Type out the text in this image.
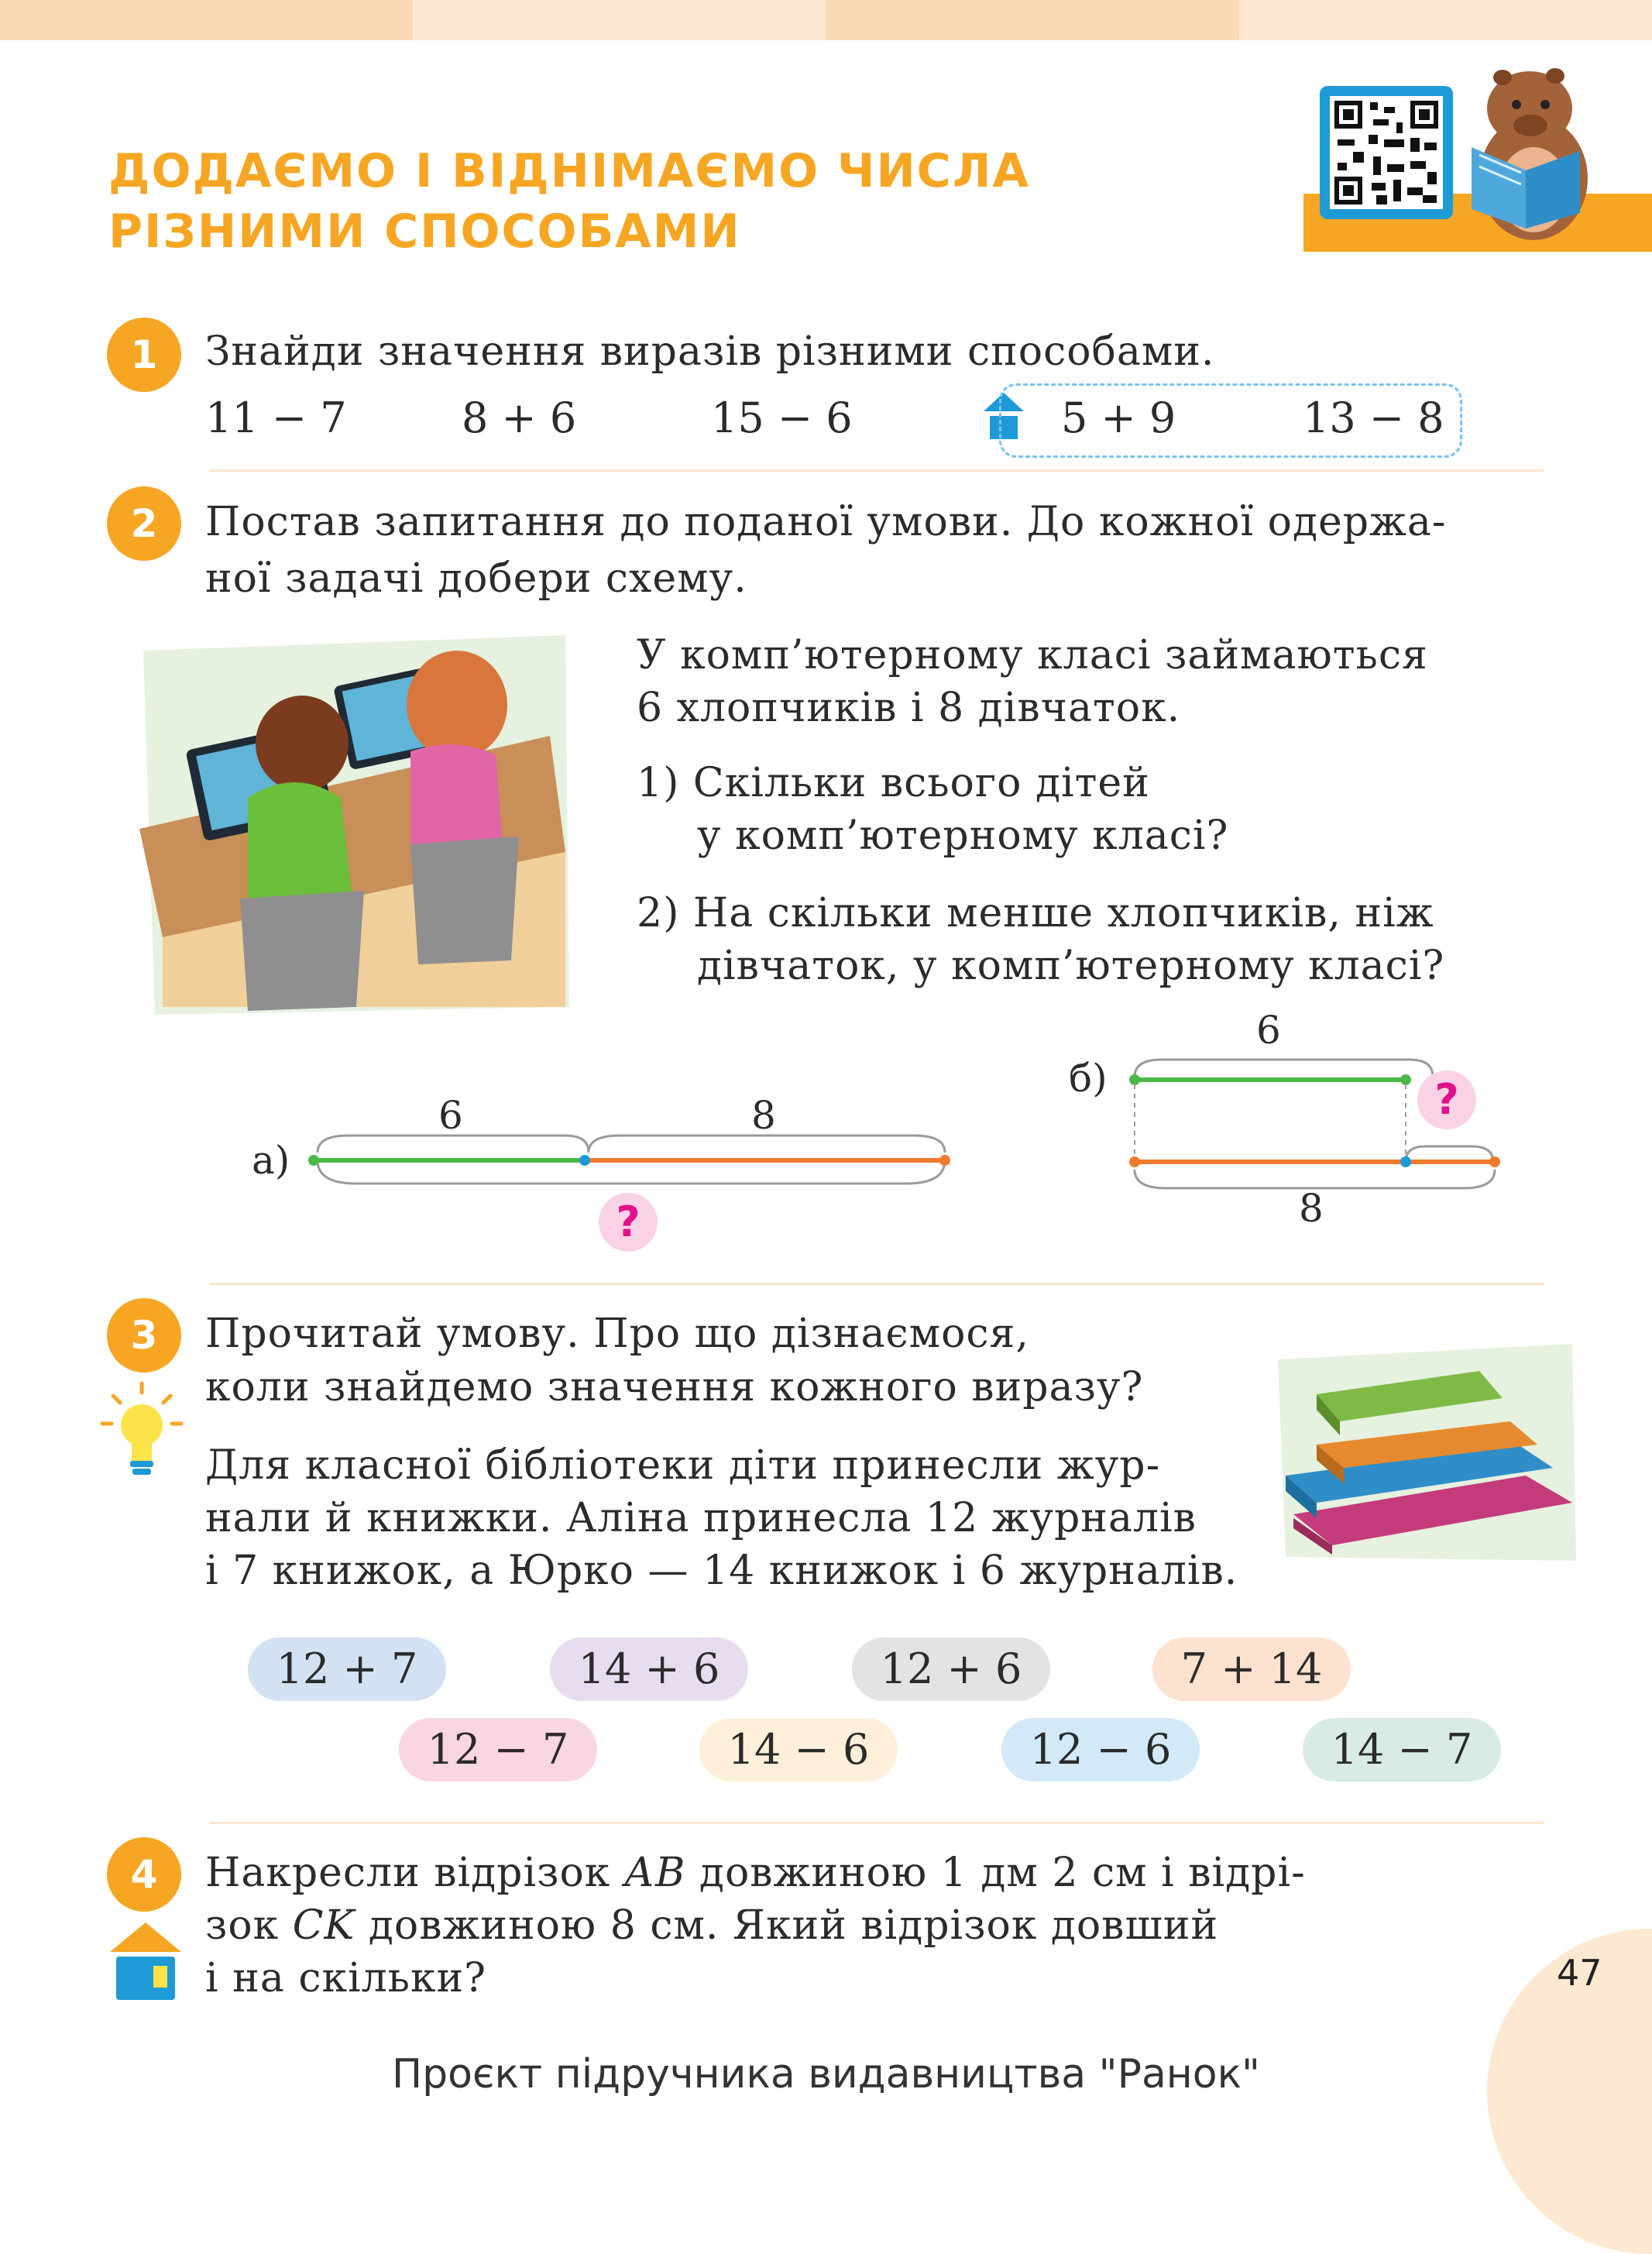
ДОДАЄМО І ВІДНІМАЄМО ЧИСЛА
РІЗНИМИ СПОСОБАМИ
1	Знайди значення виразів різними способами.
11 − 7	8 + 6	15 − 6	5 + 9	13 − 8
2	Постав запитання до поданої умови. До кожної одержа-
ної задачі добери схему.
У комп’ютерному класі займаються
6 хлопчиків і 8 дівчаток.
1) Скільки всього дітей
у комп’ютерному класі?
2) На скільки менше хлопчиків, ніж
дівчаток, у комп’ютерному класі?
а)
6	8
?
б)
6
8
?
3	Прочитай умову. Про що дізнаємося,
коли знайдемо значення кожного виразу?
Для класної бібліотеки діти принесли жур-
нали й книжки. Аліна принесла 12 журналів
і 7 книжок, а Юрко — 14 книжок і 6 журналів.
12 + 7	14 + 6	12 + 6	7 + 14
12 − 7	14 − 6	12 − 6	14 − 7
4	Накресли відрізок АВ довжиною 1 дм 2 см і відрі-
зок СK довжиною 8 см. Який відрізок довший
і на скільки?	47
Проєкт підручника видавництва "Ранок"
